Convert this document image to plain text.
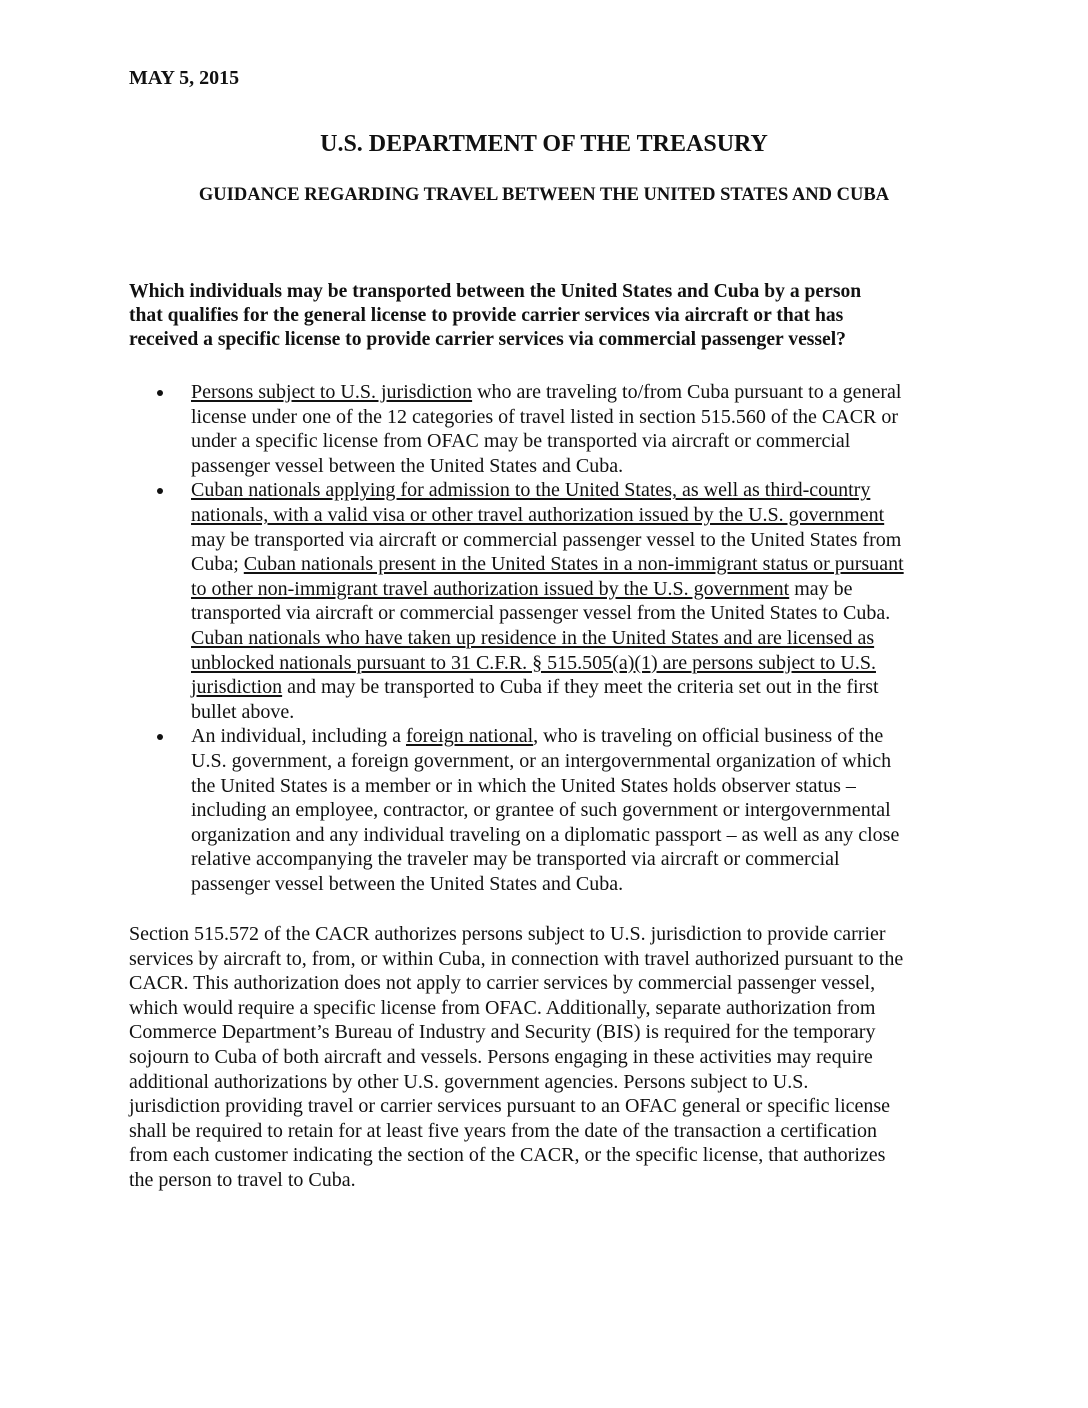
MAY 5, 2015
U.S. DEPARTMENT OF THE TREASURY
GUIDANCE REGARDING TRAVEL BETWEEN THE UNITED STATES AND CUBA
Which individuals may be transported between the United States and Cuba by a person
that qualifies for the general license to provide carrier services via aircraft or that has
received a specific license to provide carrier services via commercial passenger vessel?
Persons subject to U.S. jurisdiction who are traveling to/from Cuba pursuant to a general
license under one of the 12 categories of travel listed in section 515.560 of the CACR or
under a specific license from OFAC may be transported via aircraft or commercial
passenger vessel between the United States and Cuba.
Cuban nationals applying for admission to the United States, as well as third-country
nationals, with a valid visa or other travel authorization issued by the U.S. government
may be transported via aircraft or commercial passenger vessel to the United States from
Cuba; Cuban nationals present in the United States in a non-immigrant status or pursuant
to other non-immigrant travel authorization issued by the U.S. government may be
transported via aircraft or commercial passenger vessel from the United States to Cuba.
Cuban nationals who have taken up residence in the United States and are licensed as
unblocked nationals pursuant to 31 C.F.R. § 515.505(a)(1) are persons subject to U.S.
jurisdiction and may be transported to Cuba if they meet the criteria set out in the first
bullet above.
An individual, including a foreign national, who is traveling on official business of the
U.S. government, a foreign government, or an intergovernmental organization of which
the United States is a member or in which the United States holds observer status –
including an employee, contractor, or grantee of such government or intergovernmental
organization and any individual traveling on a diplomatic passport – as well as any close
relative accompanying the traveler may be transported via aircraft or commercial
passenger vessel between the United States and Cuba.
Section 515.572 of the CACR authorizes persons subject to U.S. jurisdiction to provide carrier
services by aircraft to, from, or within Cuba, in connection with travel authorized pursuant to the
CACR. This authorization does not apply to carrier services by commercial passenger vessel,
which would require a specific license from OFAC. Additionally, separate authorization from
Commerce Department’s Bureau of Industry and Security (BIS) is required for the temporary
sojourn to Cuba of both aircraft and vessels. Persons engaging in these activities may require
additional authorizations by other U.S. government agencies. Persons subject to U.S.
jurisdiction providing travel or carrier services pursuant to an OFAC general or specific license
shall be required to retain for at least five years from the date of the transaction a certification
from each customer indicating the section of the CACR, or the specific license, that authorizes
the person to travel to Cuba.
